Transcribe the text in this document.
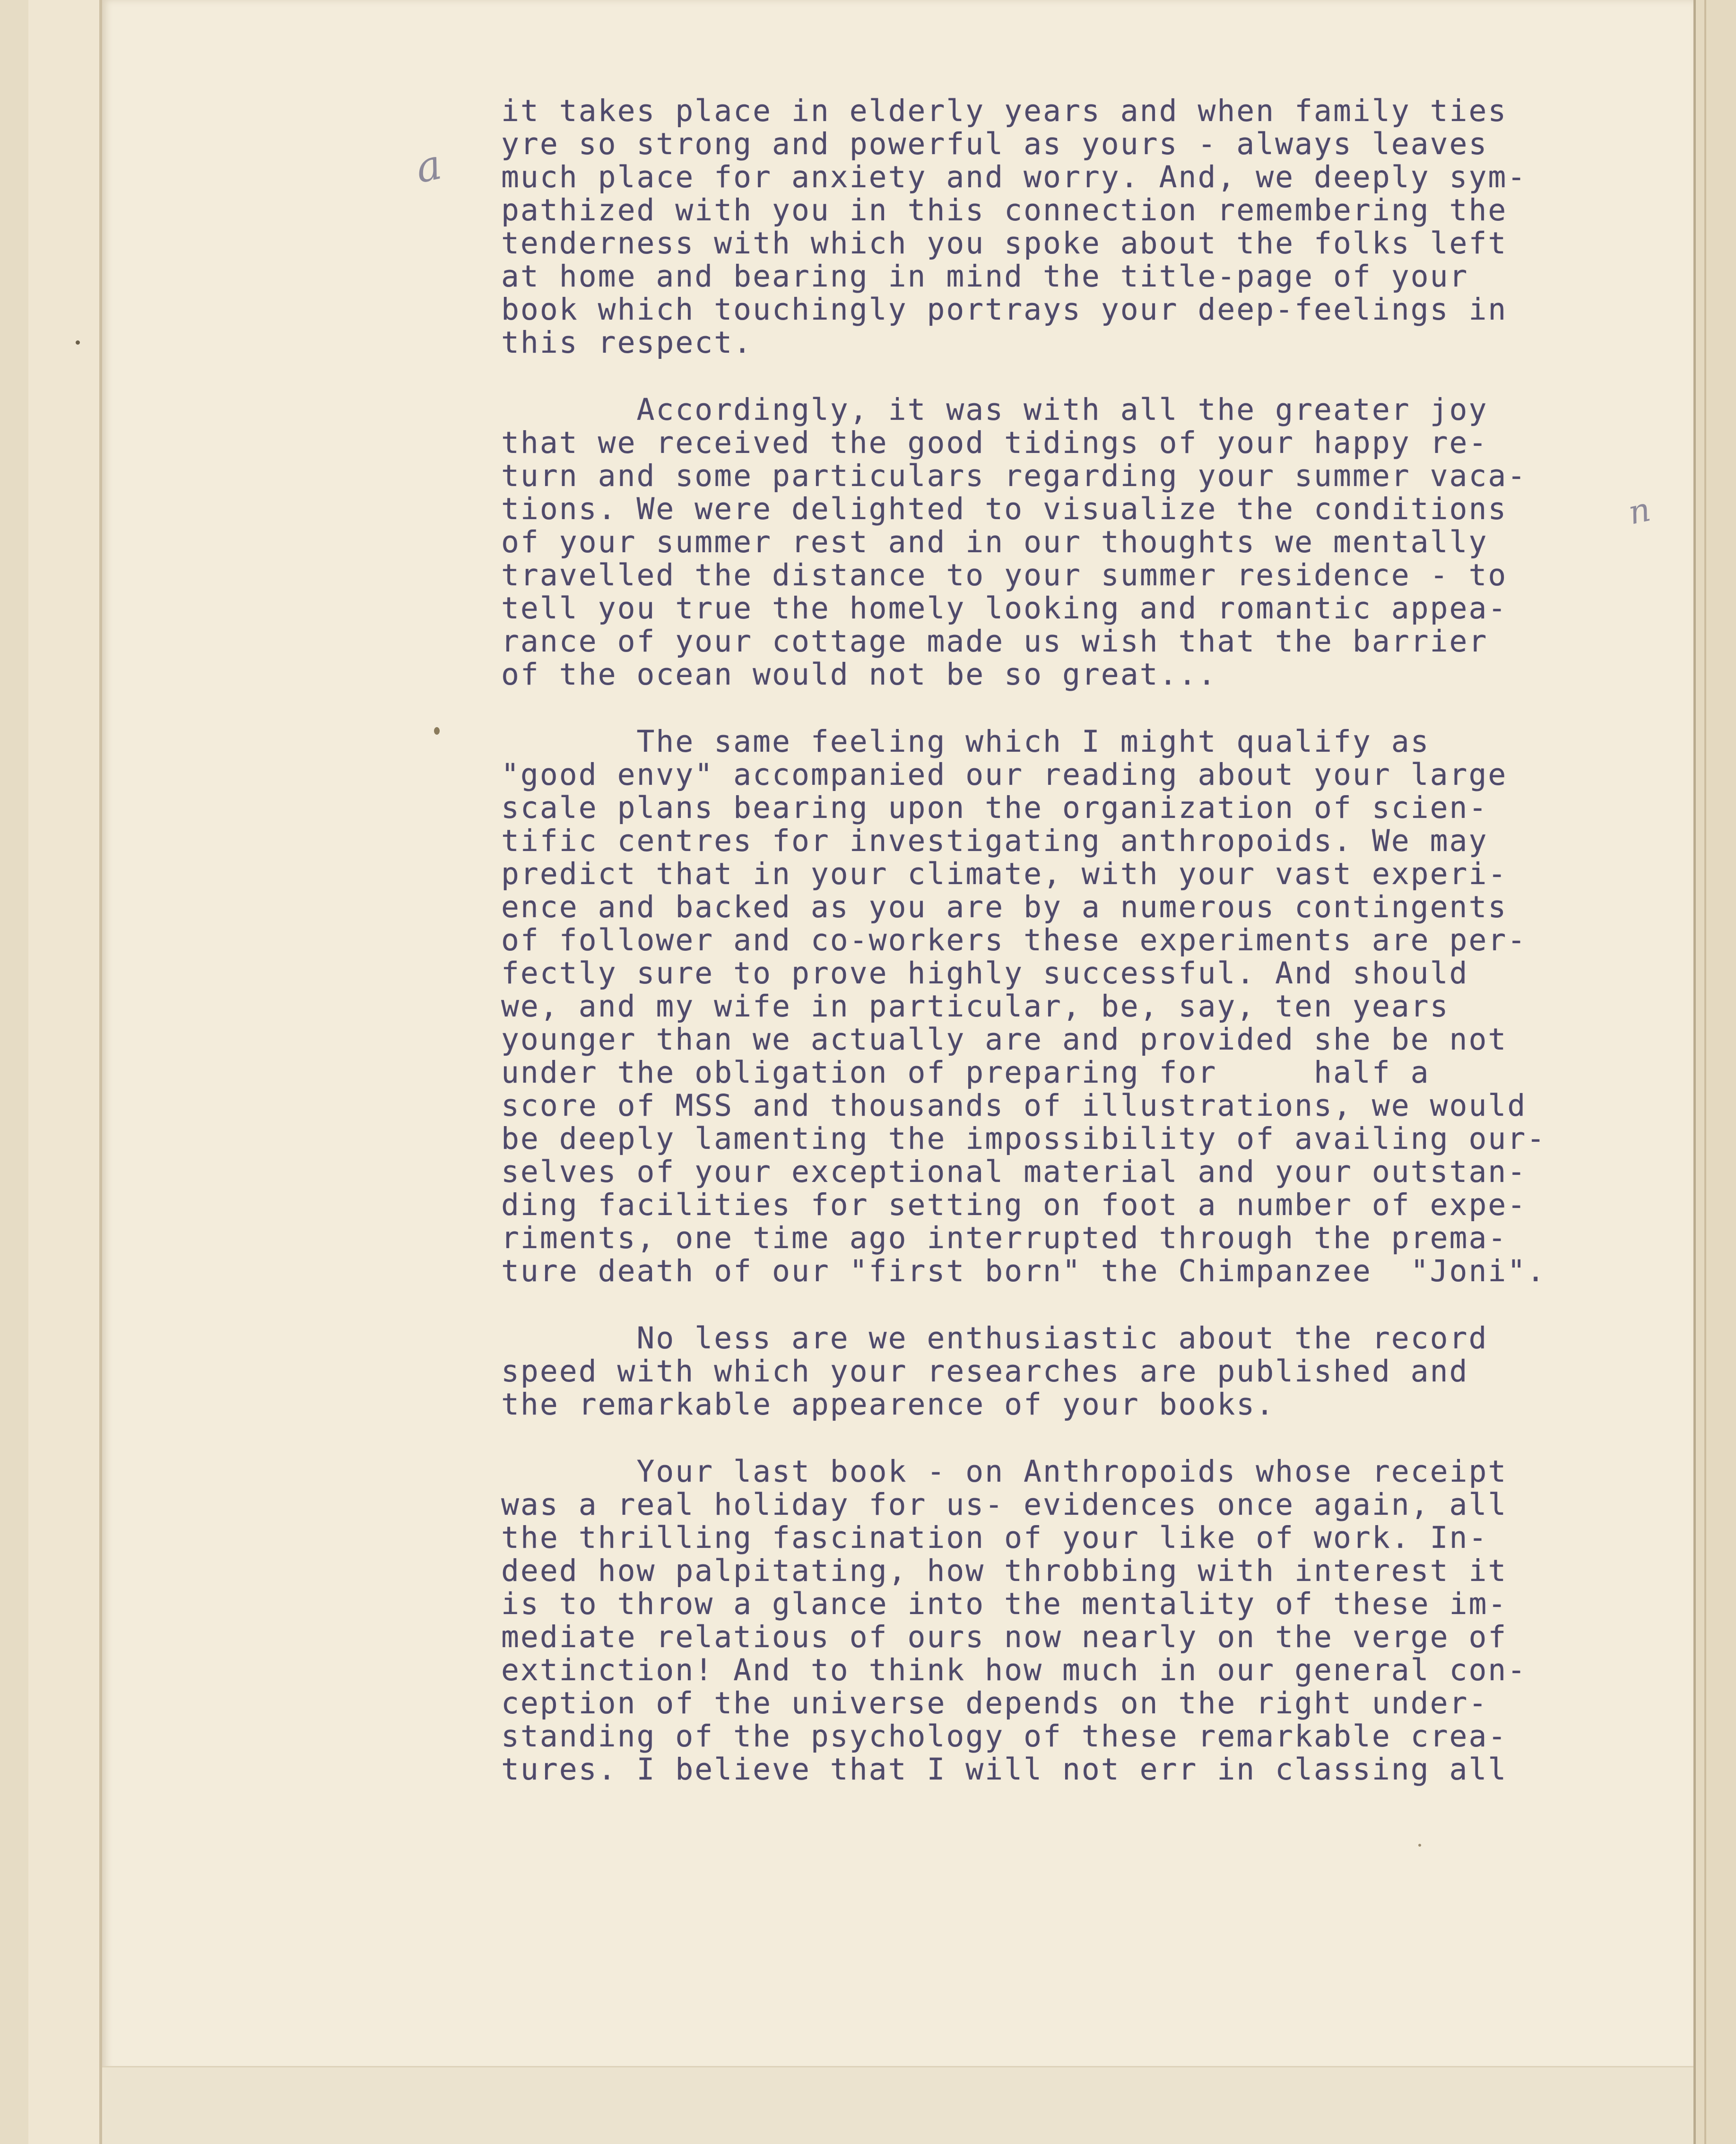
a
n
it takes place in elderly years and when family ties
yre so strong and powerful as yours - always leaves
much place for anxiety and worry. And, we deeply sym-
pathized with you in this connection remembering the
tenderness with which you spoke about the folks left
at home and bearing in mind the title-page of your
book which touchingly portrays your deep-feelings in
this respect.
Accordingly, it was with all the greater joy
that we received the good tidings of your happy re-
turn and some particulars regarding your summer vaca-
tions. We were delighted to visualize the conditions
of your summer rest and in our thoughts we mentally
travelled the distance to your summer residence - to
tell you true the homely looking and romantic appea-
rance of your cottage made us wish that the barrier
of the ocean would not be so great...
The same feeling which I might qualify as
"good envy" accompanied our reading about your large
scale plans bearing upon the organization of scien-
tific centres for investigating anthropoids. We may
predict that in your climate, with your vast experi-
ence and backed as you are by a numerous contingents
of follower and co-workers these experiments are per-
fectly sure to prove highly successful. And should
we, and my wife in particular, be, say, ten years
younger than we actually are and provided she be not
under the obligation of preparing for     half a
score of MSS and thousands of illustrations, we would
be deeply lamenting the impossibility of availing our-
selves of your exceptional material and your outstan-
ding facilities for setting on foot a number of expe-
riments, one time ago interrupted through the prema-
ture death of our "first born" the Chimpanzee  "Joni".
No less are we enthusiastic about the record
speed with which your researches are published and
the remarkable appearence of your books.
Your last book - on Anthropoids whose receipt
was a real holiday for us- evidences once again, all
the thrilling fascination of your like of work. In-
deed how palpitating, how throbbing with interest it
is to throw a glance into the mentality of these im-
mediate relatious of ours now nearly on the verge of
extinction! And to think how much in our general con-
ception of the universe depends on the right under-
standing of the psychology of these remarkable crea-
tures. I believe that I will not err in classing all
